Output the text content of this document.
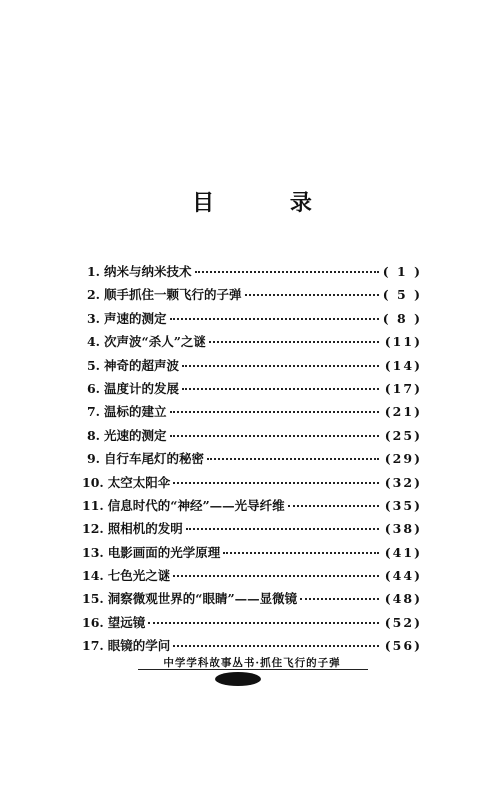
目 录
1. 纳米与纳米技术	( 1 )
2. 顺手抓住一颗飞行的子弹	( 5 )
3. 声速的测定	( 8 )
4. 次声波“杀人”之谜	(11)
5. 神奇的超声波	(14)
6. 温度计的发展	(17)
7. 温标的建立	(21)
8. 光速的测定	(25)
9. 自行车尾灯的秘密	(29)
10. 太空太阳伞	(32)
11. 信息时代的“神经”——光导纤维	(35)
12. 照相机的发明	(38)
13. 电影画面的光学原理	(41)
14. 七色光之谜	(44)
15. 洞察微观世界的“眼睛”——显微镜	(48)
16. 望远镜	(52)
17. 眼镜的学问	(56)
中学学科故事丛书·抓住飞行的子弹
